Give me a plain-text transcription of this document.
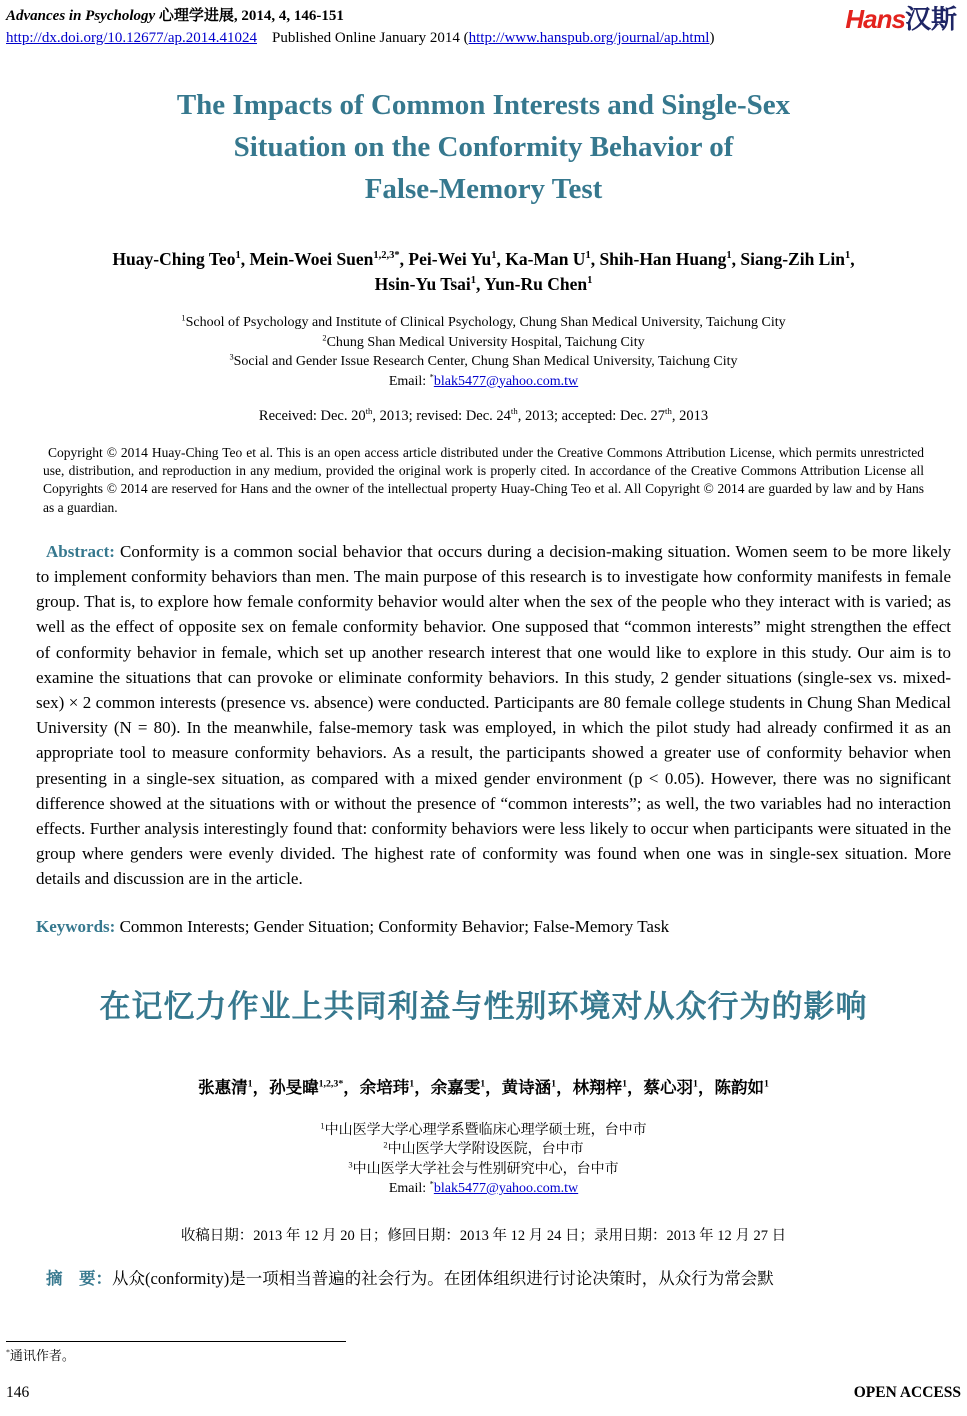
Advances in Psychology 心理学进展, 2014, 4, 146-151
http://dx.doi.org/10.12677/ap.2014.41024 Published Online January 2014 (http://www.hanspub.org/journal/ap.html)
Hans汉斯
The Impacts of Common Interests and Single-Sex
Situation on the Conformity Behavior of
False-Memory Test
Huay-Ching Teo$^1$, Mein-Woei Suen$^{1,2,3*}$, Pei-Wei Yu$^1$, Ka-Man $U^1$, Shih-Han Huang$^1$, Siang-Zih Lin$^1$,
Hsin-Yu Tsai$^1$, Yun-Ru Chen$^1$
$^1$School of Psychology and Institute of Clinical Psychology, Chung Shan Medical University, Taichung City
$^2$Chung Shan Medical University Hospital, Taichung City
$^3$Social and Gender Issue Research Center, Chung Shan Medical University, Taichung City
Email: *blak5477@yahoo.com.tw
Received: Dec. 20th, 2013; revised: Dec. 24th, 2013; accepted: Dec. 27th, 2013

Copyright © 2014 Huay-Ching Teo et al. This is an open access article distributed under the Creative Commons Attribution License, which permits unrestricted use, distribution, and reproduction in any medium, provided the original work is properly cited. In accordance of the Creative Commons Attribution License all Copyrights © 2014 are reserved for Hans and the owner of the intellectual property Huay-Ching Teo et al. All Copyright © 2014 are guarded by law and by Hans as a guardian.

Abstract: Conformity is a common social behavior that occurs during a decision-making situation. Women seem to be more likely to implement conformity behaviors than men. The main purpose of this research is to investigate how conformity manifests in female group. That is, to explore how female conformity behavior would alter when the sex of the people who they interact with is varied; as well as the effect of opposite sex on female conformity behavior. One supposed that “common interests” might strengthen the effect of conformity behavior in female, which set up another research interest that one would like to explore in this study. Our aim is to examine the situations that can provoke or eliminate conformity behaviors. In this study, 2 gender situations (single-sex vs. mixed-sex) × 2 common interests (presence vs. absence) were conducted. Participants are 80 female college students in Chung Shan Medical University (N = 80). In the meanwhile, false-memory task was employed, in which the pilot study had already confirmed it as an appropriate tool to measure conformity behaviors. As a result, the participants showed a greater use of conformity behavior when presenting in a single-sex situation, as compared with a mixed gender environment (p < 0.05). However, there was no significant difference showed at the situations with or without the presence of “common interests”; as well, the two variables had no interaction effects. Further analysis interestingly found that: conformity behaviors were less likely to occur when participants were situated in the group where genders were evenly divided. The highest rate of conformity was found when one was in single-sex situation. More details and discussion are in the article.

Keywords: Common Interests; Gender Situation; Conformity Behavior; False-Memory Task

在记忆力作业上共同利益与性别环境对从众行为的影响
张惠清$^1$，孙旻暐$^{1,2,3*}$，余培玮$^1$，余嘉雯$^1$，黄诗涵$^1$，林翔梓$^1$，蔡心羽$^1$，陈韵如$^1$
$^1$中山医学大学心理学系暨临床心理学硕士班，台中市
$^2$中山医学大学附设医院，台中市
$^3$中山医学大学社会与性别研究中心，台中市
Email: *blak5477@yahoo.com.tw
收稿日期：2013 年 12 月 20 日；修回日期：2013 年 12 月 24 日；录用日期：2013 年 12 月 27 日

摘　要：从众(conformity)是一项相当普遍的社会行为。在团体组织进行讨论决策时，从众行为常会默

*通讯作者。
146	OPEN ACCESS
